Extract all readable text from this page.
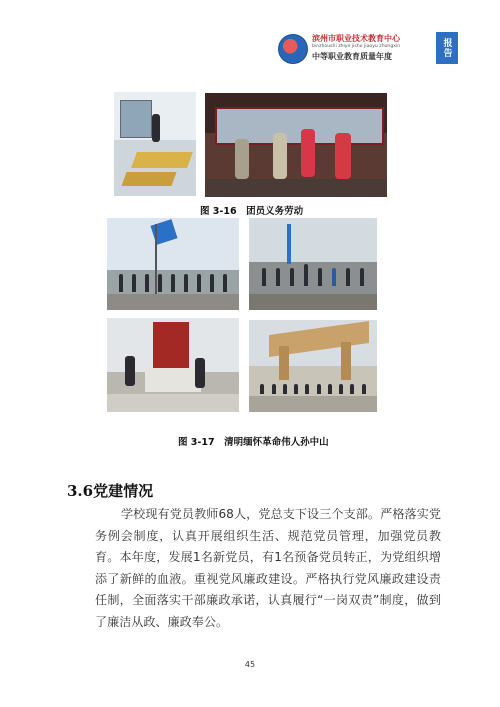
滨州市职业技术教育中心
binzhoushi zhiye jishu jiaoyu zhongxin
中等职业教育质量年度	报告
图 3-16　团员义务劳动
图 3-17　清明缅怀革命伟人孙中山
3.6党建情况
学校现有党员教师68人，党总支下设三个支部。严格落实党务例会制度，认真开展组织生活、规范党员管理，加强党员教育。本年度，发展1名新党员，有1名预备党员转正，为党组织增添了新鲜的血液。重视党风廉政建设。严格执行党风廉政建设责任制，全面落实干部廉政承诺，认真履行“一岗双责”制度，做到了廉洁从政、廉政奉公。
45
